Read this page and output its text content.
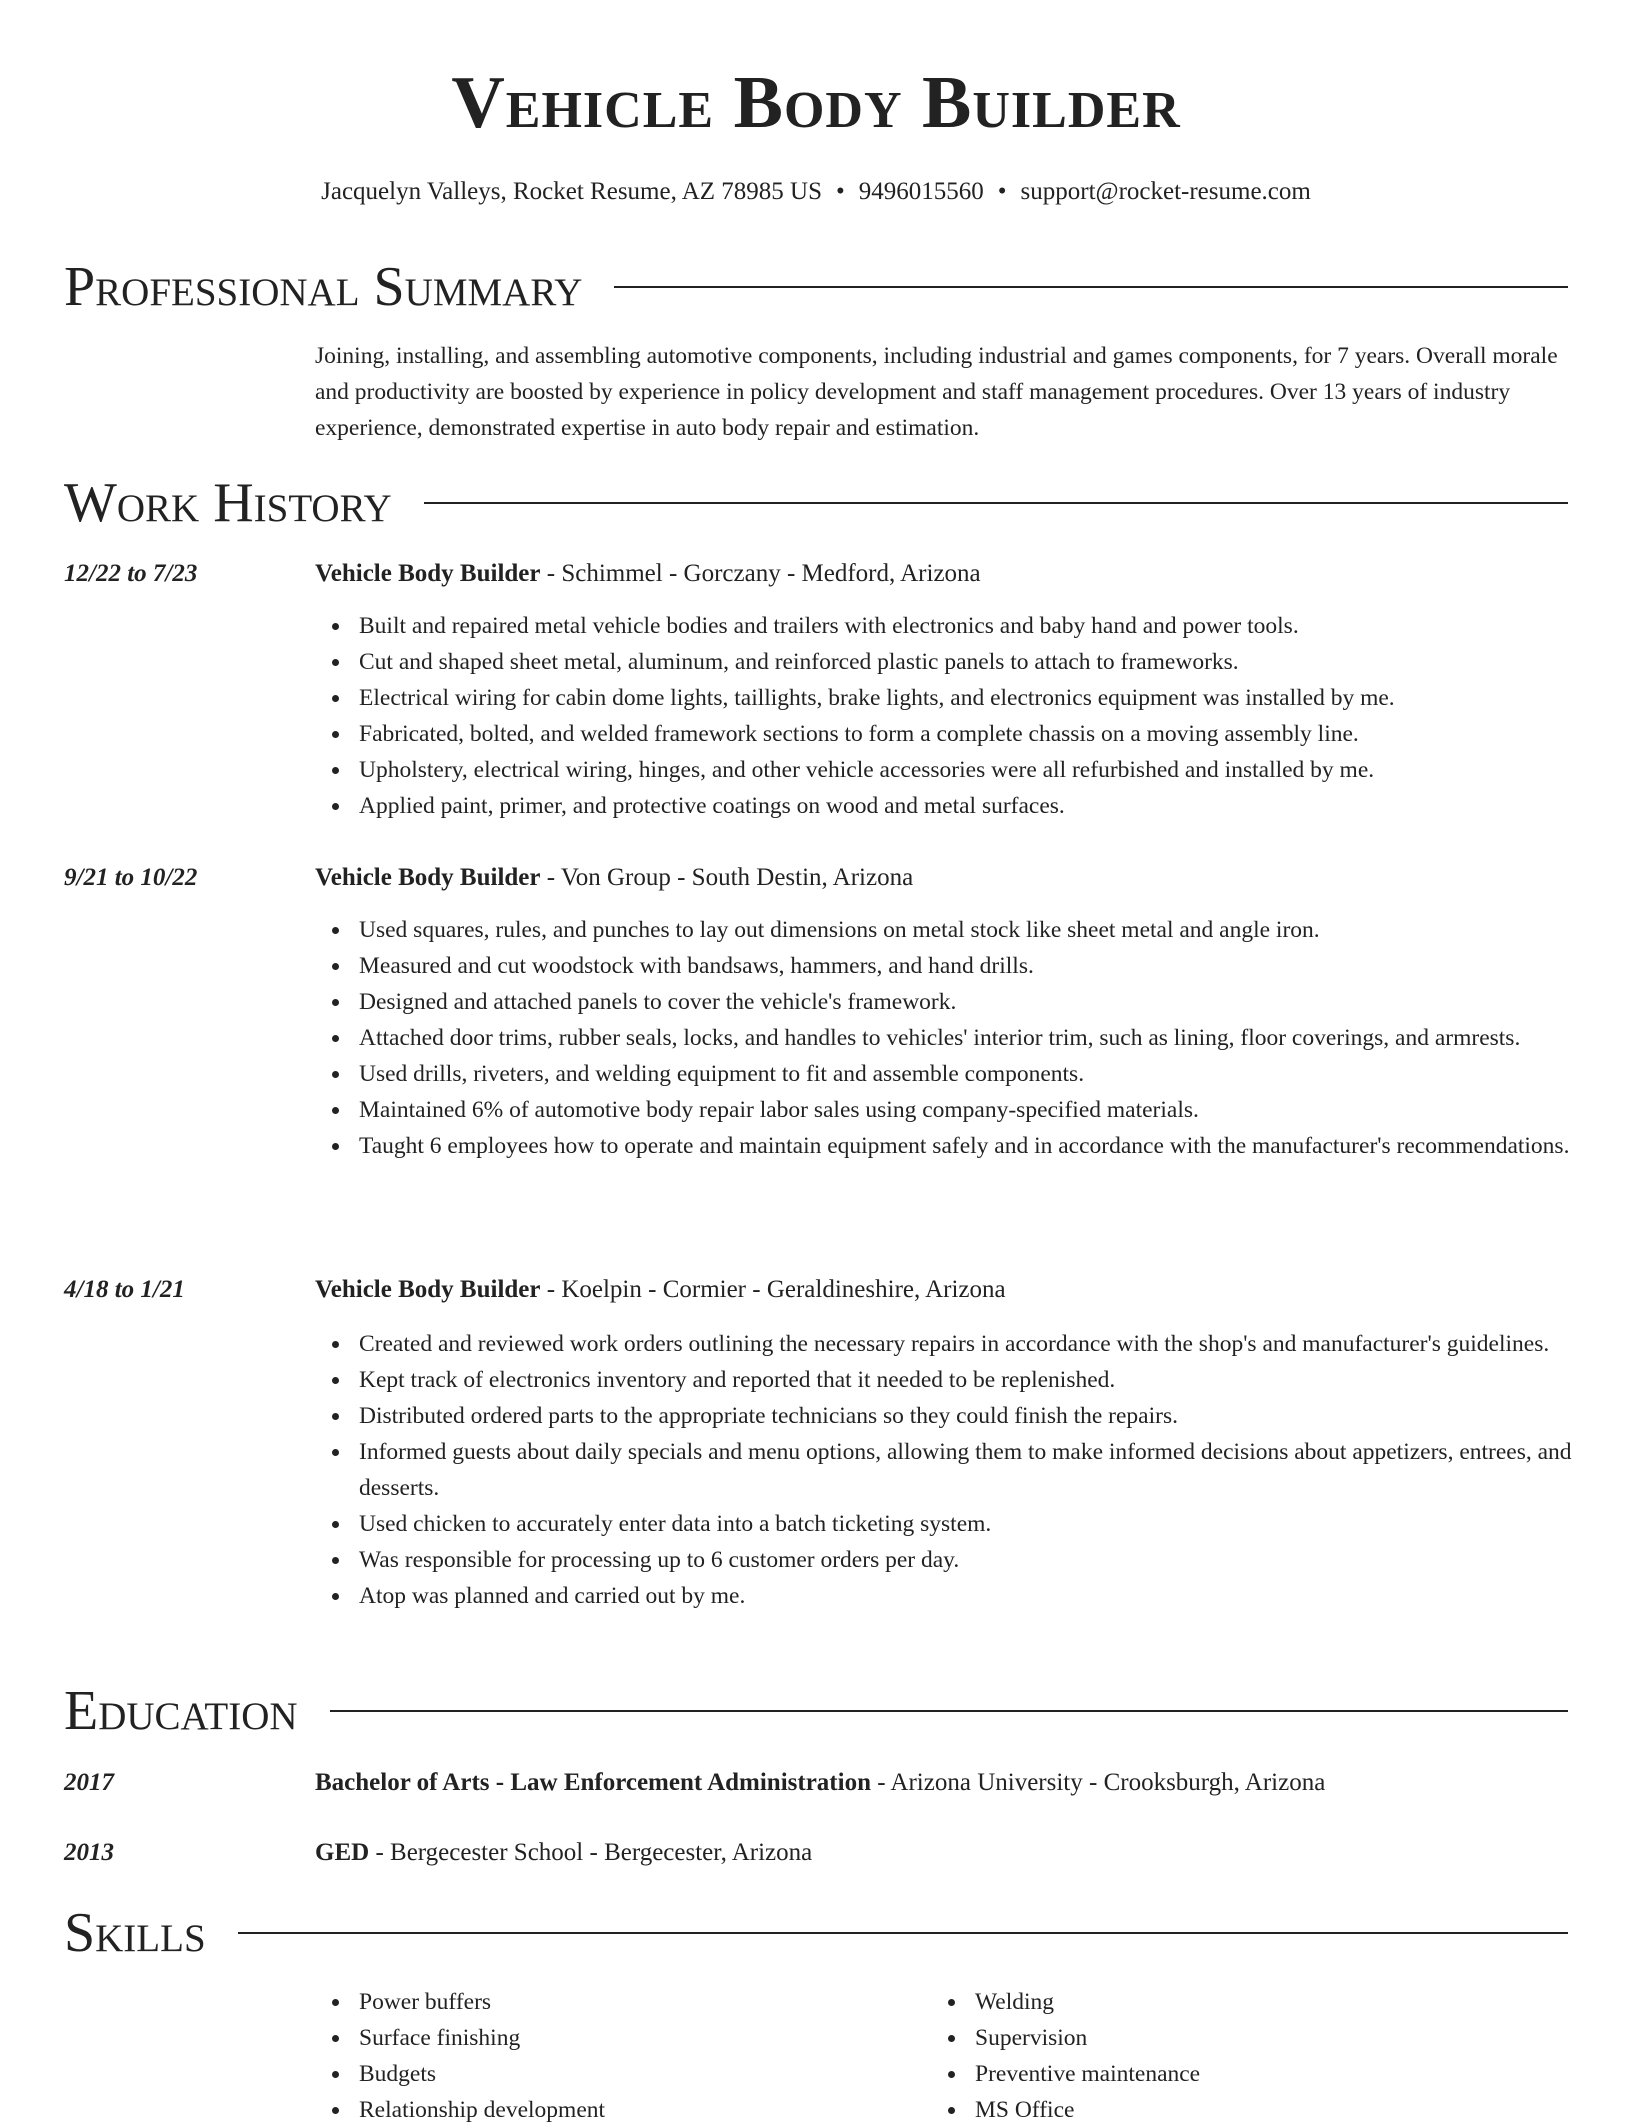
Vehicle Body Builder
Jacquelyn Valleys, Rocket Resume, AZ 78985 US • 9496015560 • support@rocket-resume.com
Professional Summary
Joining, installing, and assembling automotive components, including industrial and games components, for 7 years. Overall morale and productivity are boosted by experience in policy development and staff management procedures. Over 13 years of industry experience, demonstrated expertise in auto body repair and estimation.
Work History
12/22 to 7/23	Vehicle Body Builder - Schimmel - Gorczany - Medford, Arizona
Built and repaired metal vehicle bodies and trailers with electronics and baby hand and power tools.
Cut and shaped sheet metal, aluminum, and reinforced plastic panels to attach to frameworks.
Electrical wiring for cabin dome lights, taillights, brake lights, and electronics equipment was installed by me.
Fabricated, bolted, and welded framework sections to form a complete chassis on a moving assembly line.
Upholstery, electrical wiring, hinges, and other vehicle accessories were all refurbished and installed by me.
Applied paint, primer, and protective coatings on wood and metal surfaces.
9/21 to 10/22	Vehicle Body Builder - Von Group - South Destin, Arizona
Used squares, rules, and punches to lay out dimensions on metal stock like sheet metal and angle iron.
Measured and cut woodstock with bandsaws, hammers, and hand drills.
Designed and attached panels to cover the vehicle's framework.
Attached door trims, rubber seals, locks, and handles to vehicles' interior trim, such as lining, floor coverings, and armrests.
Used drills, riveters, and welding equipment to fit and assemble components.
Maintained 6% of automotive body repair labor sales using company-specified materials.
Taught 6 employees how to operate and maintain equipment safely and in accordance with the manufacturer's recommendations.
4/18 to 1/21	Vehicle Body Builder - Koelpin - Cormier - Geraldineshire, Arizona
Created and reviewed work orders outlining the necessary repairs in accordance with the shop's and manufacturer's guidelines.
Kept track of electronics inventory and reported that it needed to be replenished.
Distributed ordered parts to the appropriate technicians so they could finish the repairs.
Informed guests about daily specials and menu options, allowing them to make informed decisions about appetizers, entrees, and desserts.
Used chicken to accurately enter data into a batch ticketing system.
Was responsible for processing up to 6 customer orders per day.
Atop was planned and carried out by me.
Education
2017	Bachelor of Arts - Law Enforcement Administration - Arizona University - Crooksburgh, Arizona
2013	GED - Bergecester School - Bergecester, Arizona
Skills
Power buffers
Surface finishing
Budgets
Relationship development
Welding
Supervision
Preventive maintenance
MS Office
